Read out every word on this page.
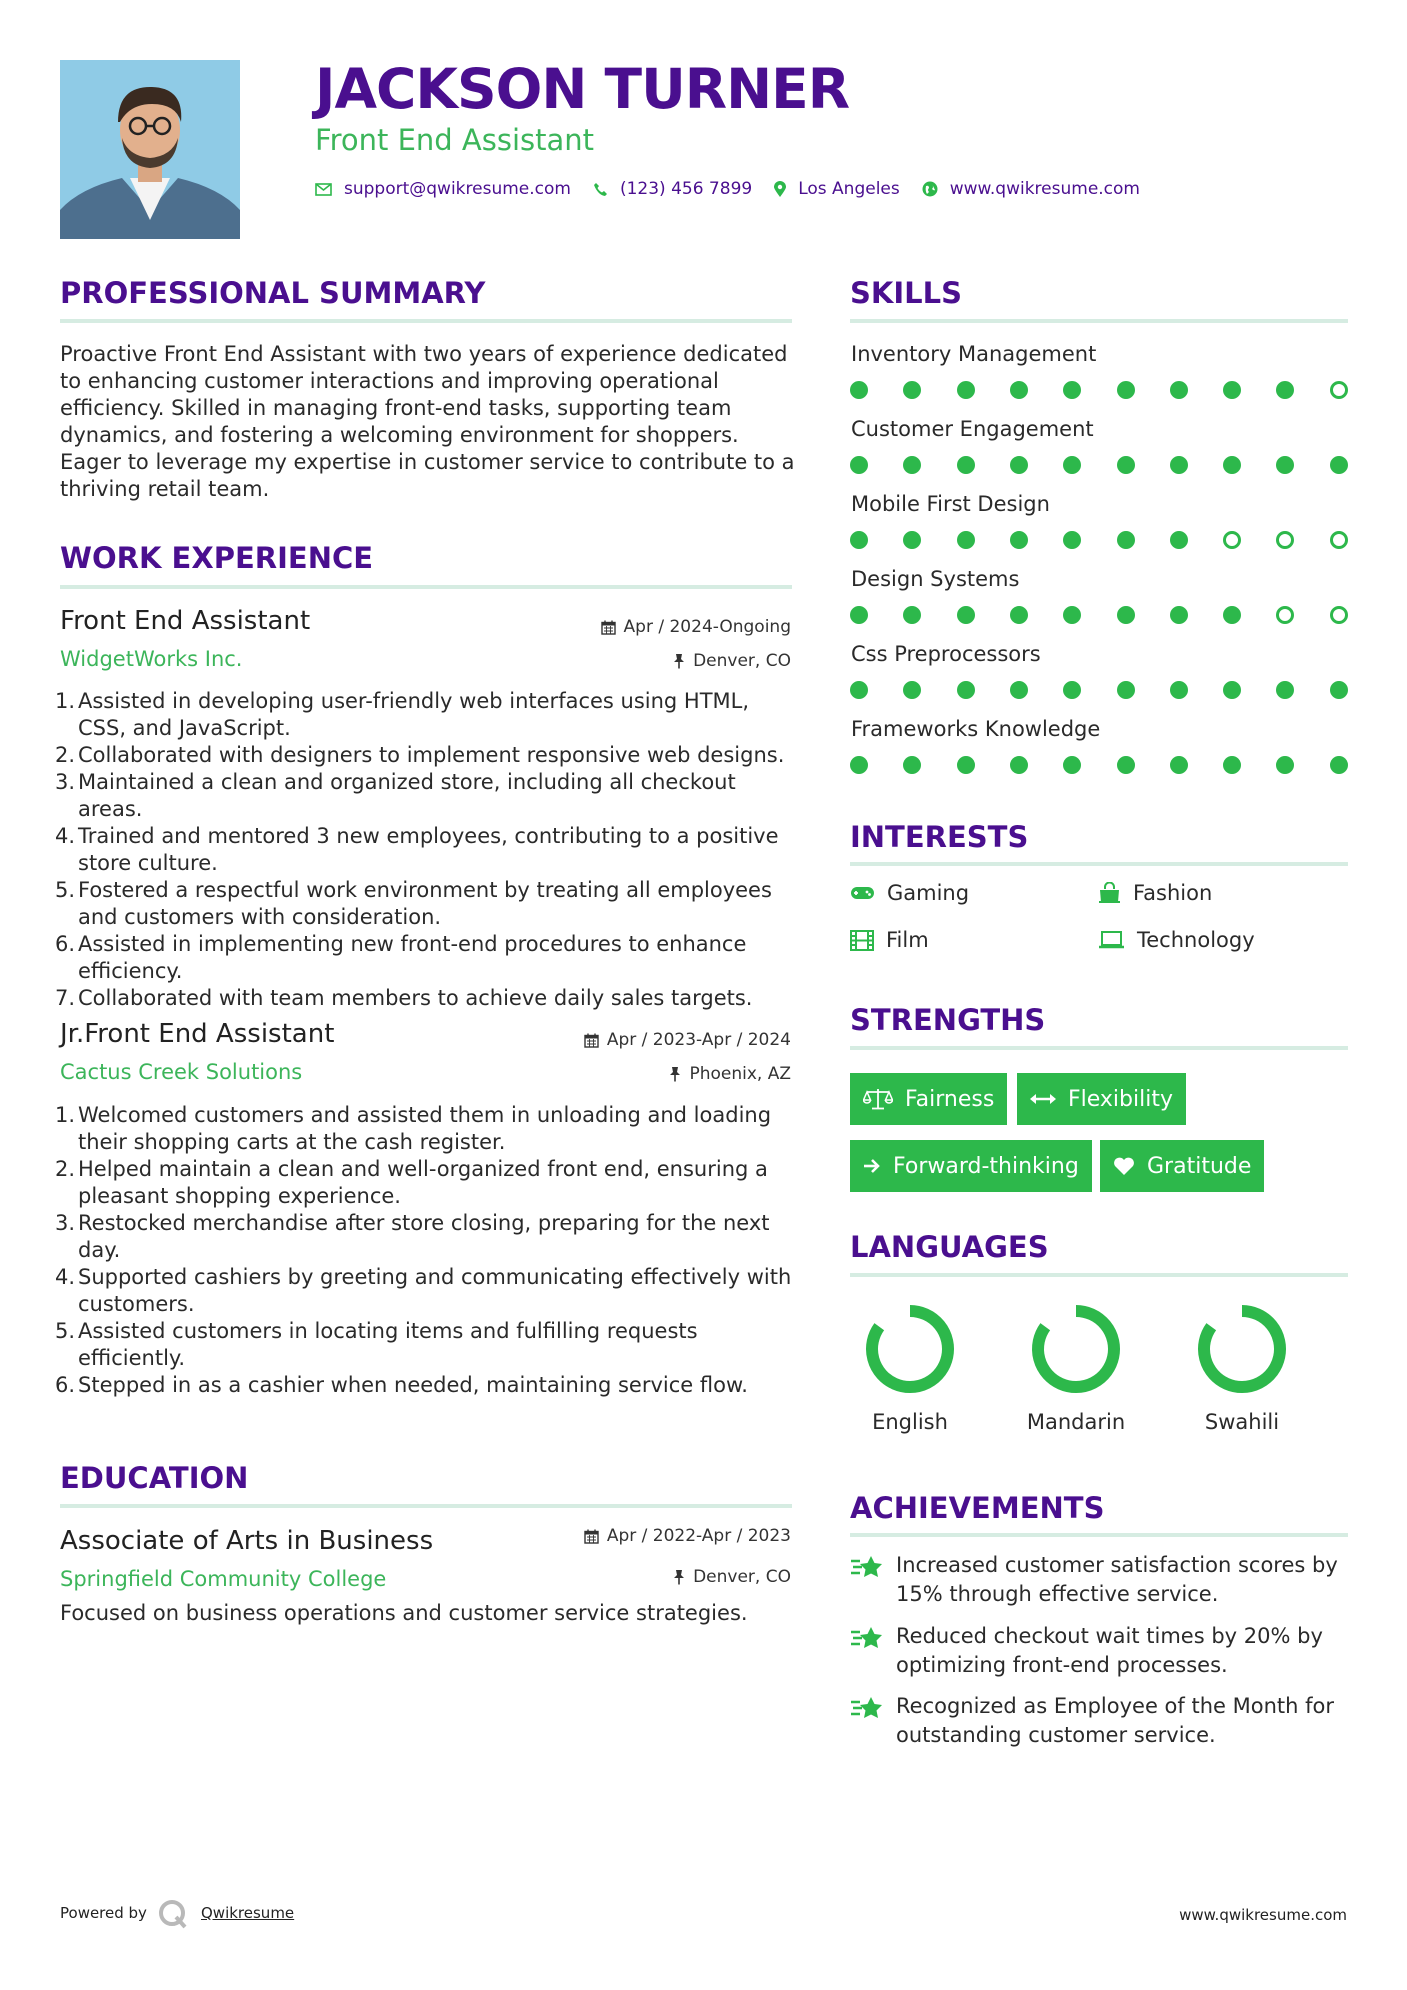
JACKSON TURNER
Front End Assistant
support@qwikresume.com	(123) 456 7899	Los Angeles	www.qwikresume.com
PROFESSIONAL SUMMARY
Proactive Front End Assistant with two years of experience dedicated to enhancing customer interactions and improving operational efficiency. Skilled in managing front-end tasks, supporting team dynamics, and fostering a welcoming environment for shoppers. Eager to leverage my expertise in customer service to contribute to a thriving retail team.
WORK EXPERIENCE
Front End Assistant
WidgetWorks Inc.
Apr / 2024-Ongoing
Denver, CO
1. Assisted in developing user-friendly web interfaces using HTML, CSS, and JavaScript.
2. Collaborated with designers to implement responsive web designs.
3. Maintained a clean and organized store, including all checkout areas.
4. Trained and mentored 3 new employees, contributing to a positive store culture.
5. Fostered a respectful work environment by treating all employees and customers with consideration.
6. Assisted in implementing new front-end procedures to enhance efficiency.
7. Collaborated with team members to achieve daily sales targets.
Jr.Front End Assistant
Cactus Creek Solutions
Apr / 2023-Apr / 2024
Phoenix, AZ
1. Welcomed customers and assisted them in unloading and loading their shopping carts at the cash register.
2. Helped maintain a clean and well-organized front end, ensuring a pleasant shopping experience.
3. Restocked merchandise after store closing, preparing for the next day.
4. Supported cashiers by greeting and communicating effectively with customers.
5. Assisted customers in locating items and fulfilling requests efficiently.
6. Stepped in as a cashier when needed, maintaining service flow.
EDUCATION
Associate of Arts in Business
Springfield Community College
Apr / 2022-Apr / 2023
Denver, CO
Focused on business operations and customer service strategies.
SKILLS
Inventory Management
Customer Engagement
Mobile First Design
Design Systems
Css Preprocessors
Frameworks Knowledge
INTERESTS
Gaming	Fashion
Film	Technology
STRENGTHS
Fairness	Flexibility
Forward-thinking	Gratitude
LANGUAGES
English	Mandarin	Swahili
ACHIEVEMENTS
Increased customer satisfaction scores by 15% through effective service.
Reduced checkout wait times by 20% by optimizing front-end processes.
Recognized as Employee of the Month for outstanding customer service.
Powered by	Qwikresume	www.qwikresume.com
